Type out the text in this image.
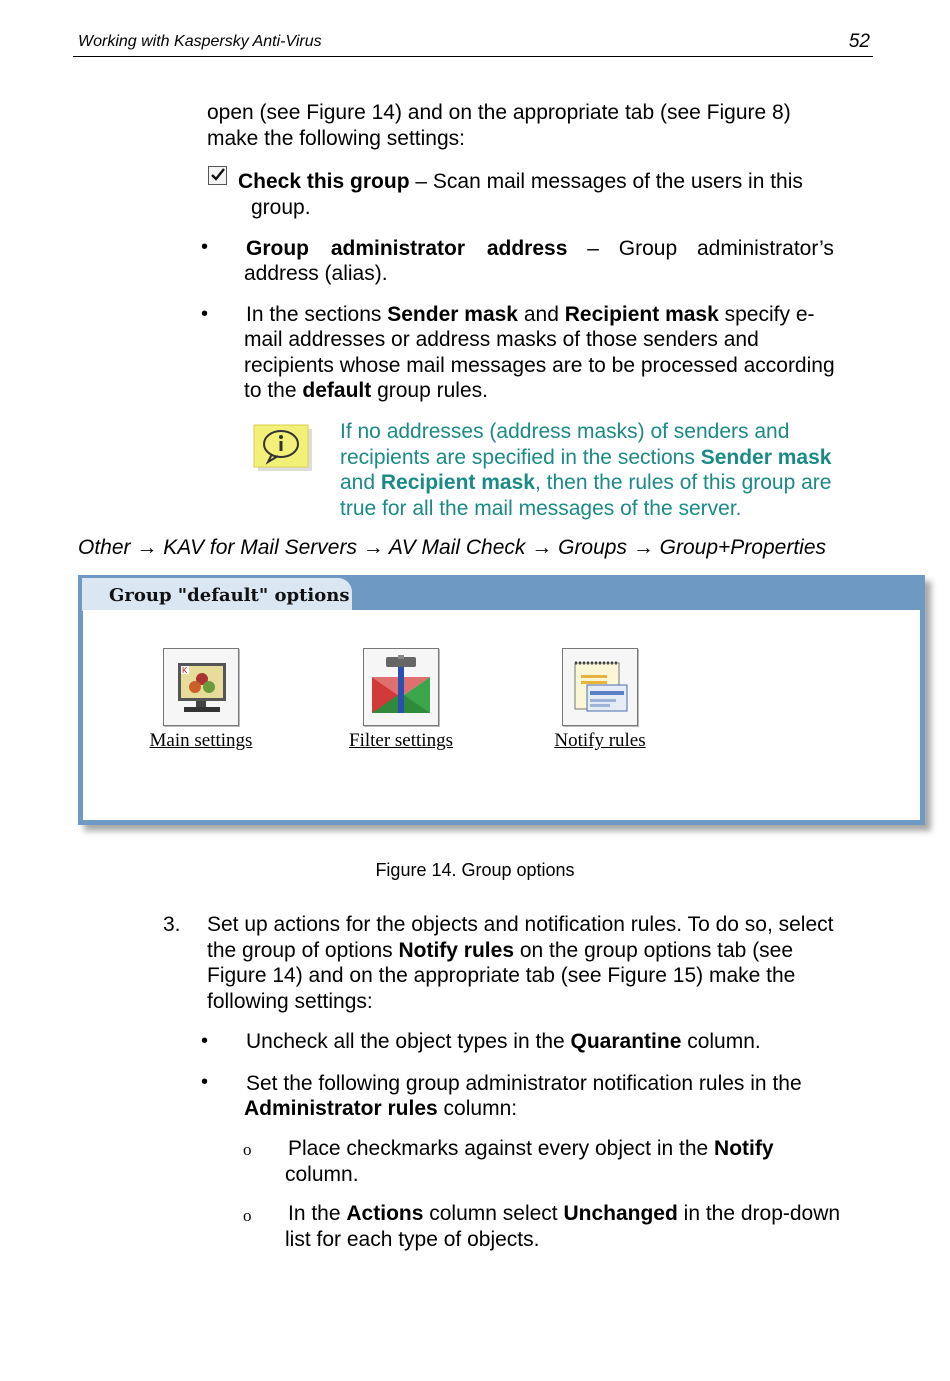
Working with Kaspersky Anti-Virus	52
open (see Figure 14) and on the appropriate tab (see Figure 8)
make the following settings:
Check this group – Scan mail messages of the users in this
group.
• Group administrator address – Group administrator’s
address (alias).
• In the sections Sender mask and Recipient mask specify e-
mail addresses or address masks of those senders and
recipients whose mail messages are to be processed according
to the default group rules.
If no addresses (address masks) of senders and
recipients are specified in the sections Sender mask
and Recipient mask, then the rules of this group are
true for all the mail messages of the server.
Other → KAV for Mail Servers → AV Mail Check → Groups → Group+Properties
Group "default" options
K
Main settings	Filter settings	Notify rules
Figure 14. Group options
3. Set up actions for the objects and notification rules. To do so, select
the group of options Notify rules on the group options tab (see
Figure 14) and on the appropriate tab (see Figure 15) make the
following settings:
• Uncheck all the object types in the Quarantine column.
• Set the following group administrator notification rules in the
Administrator rules column:
o Place checkmarks against every object in the Notify
column.
o In the Actions column select Unchanged in the drop-down
list for each type of objects.
